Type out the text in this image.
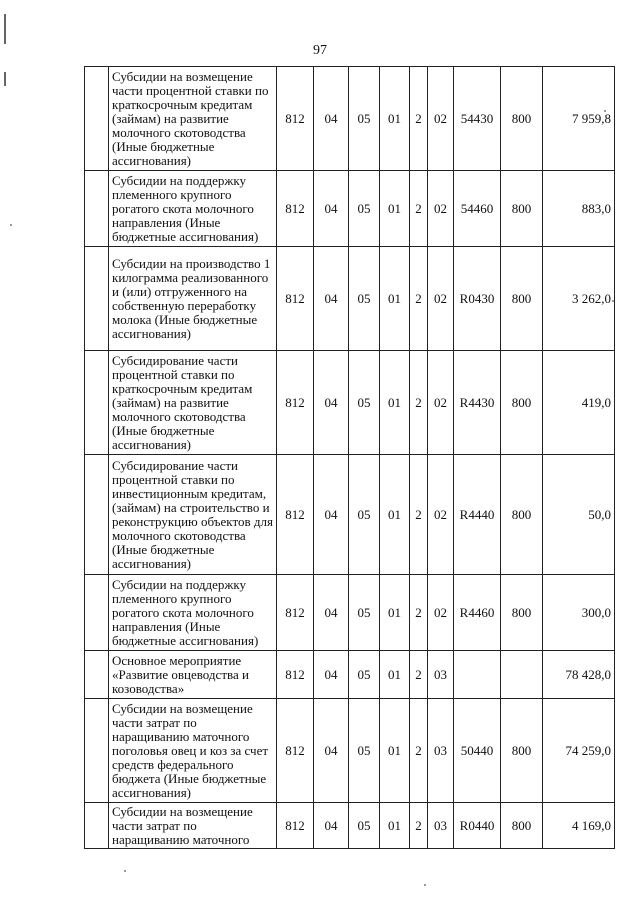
97
	Субсидии на возмещение части процентной ставки по краткосрочным кредитам (займам) на развитие молочного скотоводства (Иные бюджетные ассигнования)	812	04	05	01	2	02	54430	800	7 959,8
	Субсидии на поддержку племенного крупного рогатого скота молочного направления (Иные бюджетные ассигнования)	812	04	05	01	2	02	54460	800	883,0
	Субсидии на производство 1 килограмма реализованного и (или) отгруженного на собственную переработку молока (Иные бюджетные ассигнования)	812	04	05	01	2	02	R0430	800	3 262,0
	Субсидирование части процентной ставки по краткосрочным кредитам (займам) на развитие молочного скотоводства (Иные бюджетные ассигнования)	812	04	05	01	2	02	R4430	800	419,0
	Субсидирование части процентной ставки по инвестиционным кредитам, (займам) на строительство и реконструкцию объектов для молочного скотоводства (Иные бюджетные ассигнования)	812	04	05	01	2	02	R4440	800	50,0
	Субсидии на поддержку племенного крупного рогатого скота молочного направления (Иные бюджетные ассигнования)	812	04	05	01	2	02	R4460	800	300,0
	Основное мероприятие «Развитие овцеводства и козоводства»	812	04	05	01	2	03			78 428,0
	Субсидии на возмещение части затрат по наращиванию маточного поголовья овец и коз за счет средств федерального бюджета (Иные бюджетные ассигнования)	812	04	05	01	2	03	50440	800	74 259,0
	Субсидии на возмещение части затрат по наращиванию маточного	812	04	05	01	2	03	R0440	800	4 169,0
